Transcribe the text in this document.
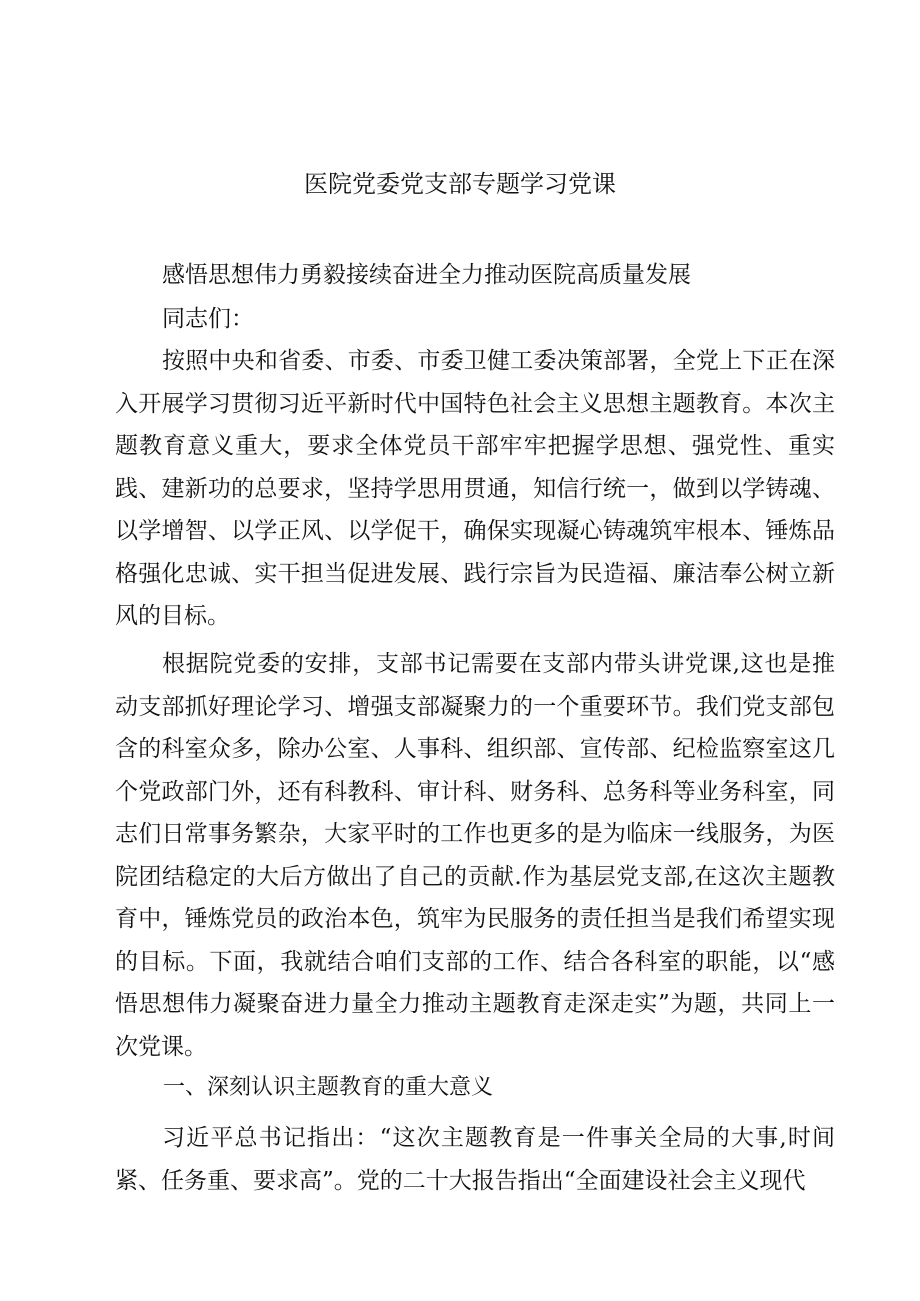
医院党委党支部专题学习党课

感悟思想伟力勇毅接续奋进全力推动医院高质量发展

同志们：

按照中央和省委、市委、市委卫健工委决策部署，全党上下正在深入开展学习贯彻习近平新时代中国特色社会主义思想主题教育。本次主题教育意义重大，要求全体党员干部牢牢把握学思想、强党性、重实践、建新功的总要求，坚持学思用贯通，知信行统一，做到以学铸魂、以学增智、以学正风、以学促干，确保实现凝心铸魂筑牢根本、锤炼品格强化忠诚、实干担当促进发展、践行宗旨为民造福、廉洁奉公树立新风的目标。

根据院党委的安排，支部书记需要在支部内带头讲党课,这也是推动支部抓好理论学习、增强支部凝聚力的一个重要环节。我们党支部包含的科室众多，除办公室、人事科、组织部、宣传部、纪检监察室这几个党政部门外，还有科教科、审计科、财务科、总务科等业务科室，同志们日常事务繁杂，大家平时的工作也更多的是为临床一线服务，为医院团结稳定的大后方做出了自己的贡献.作为基层党支部,在这次主题教育中，锤炼党员的政治本色，筑牢为民服务的责任担当是我们希望实现的目标。下面，我就结合咱们支部的工作、结合各科室的职能，以“感悟思想伟力凝聚奋进力量全力推动主题教育走深走实”为题，共同上一次党课。

一、深刻认识主题教育的重大意义

习近平总书记指出：“这次主题教育是一件事关全局的大事,时间紧、任务重、要求高”。党的二十大报告指出“全面建设社会主义现代
